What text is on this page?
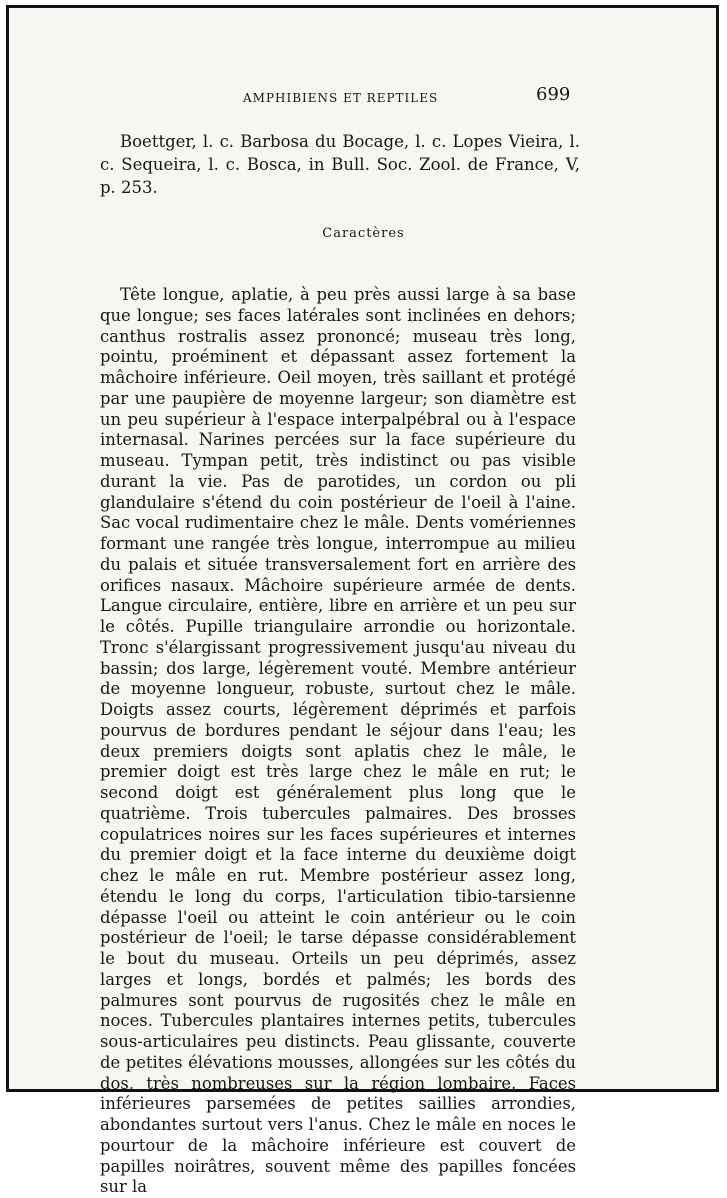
AMPHIBIENS ET REPTILES	699

Boettger, l. c. Barbosa du Bocage, l. c. Lopes Vieira, l. c. Sequeira, l. c. Bosca, in Bull. Soc. Zool. de France, V, p. 253.

Caractères

Tête longue, aplatie, à peu près aussi large à sa base que longue; ses faces latérales sont inclinées en dehors; canthus rostralis assez prononcé; museau très long, pointu, proéminent et dépassant assez fortement la mâchoire inférieure. Oeil moyen, très saillant et protégé par une paupière de moyenne largeur; son diamètre est un peu supérieur à l'espace interpalpébral ou à l'espace internasal. Narines percées sur la face supérieure du museau. Tympan petit, très indistinct ou pas visible durant la vie. Pas de parotides, un cordon ou pli glandulaire s'étend du coin postérieur de l'oeil à l'aine. Sac vocal rudimentaire chez le mâle. Dents vomériennes formant une rangée très longue, interrompue au milieu du palais et située transversalement fort en arrière des orifices nasaux. Mâchoire supérieure armée de dents. Langue circulaire, entière, libre en arrière et un peu sur le côtés. Pupille triangulaire arrondie ou horizontale. Tronc s'élargissant progressivement jusqu'au niveau du bassin; dos large, légèrement vouté. Membre antérieur de moyenne longueur, robuste, surtout chez le mâle. Doigts assez courts, légèrement déprimés et parfois pourvus de bordures pendant le séjour dans l'eau; les deux premiers doigts sont aplatis chez le mâle, le premier doigt est très large chez le mâle en rut; le second doigt est généralement plus long que le quatrième. Trois tubercules palmaires. Des brosses copulatrices noires sur les faces supérieures et internes du premier doigt et la face interne du deuxième doigt chez le mâle en rut. Membre postérieur assez long, étendu le long du corps, l'articulation tibio-tarsienne dépasse l'oeil ou atteint le coin antérieur ou le coin postérieur de l'oeil; le tarse dépasse considérablement le bout du museau. Orteils un peu déprimés, assez larges et longs, bordés et palmés; les bords des palmures sont pourvus de rugosités chez le mâle en noces. Tubercules plantaires internes petits, tubercules sous-articulaires peu distincts. Peau glissante, couverte de petites élévations mousses, allongées sur les côtés du dos, très nombreuses sur la région lombaire. Faces inférieures parsemées de petites saillies arrondies, abondantes surtout vers l'anus. Chez le mâle en noces le pourtour de la mâchoire inférieure est couvert de papilles noirâtres, souvent même des papilles foncées sur la
